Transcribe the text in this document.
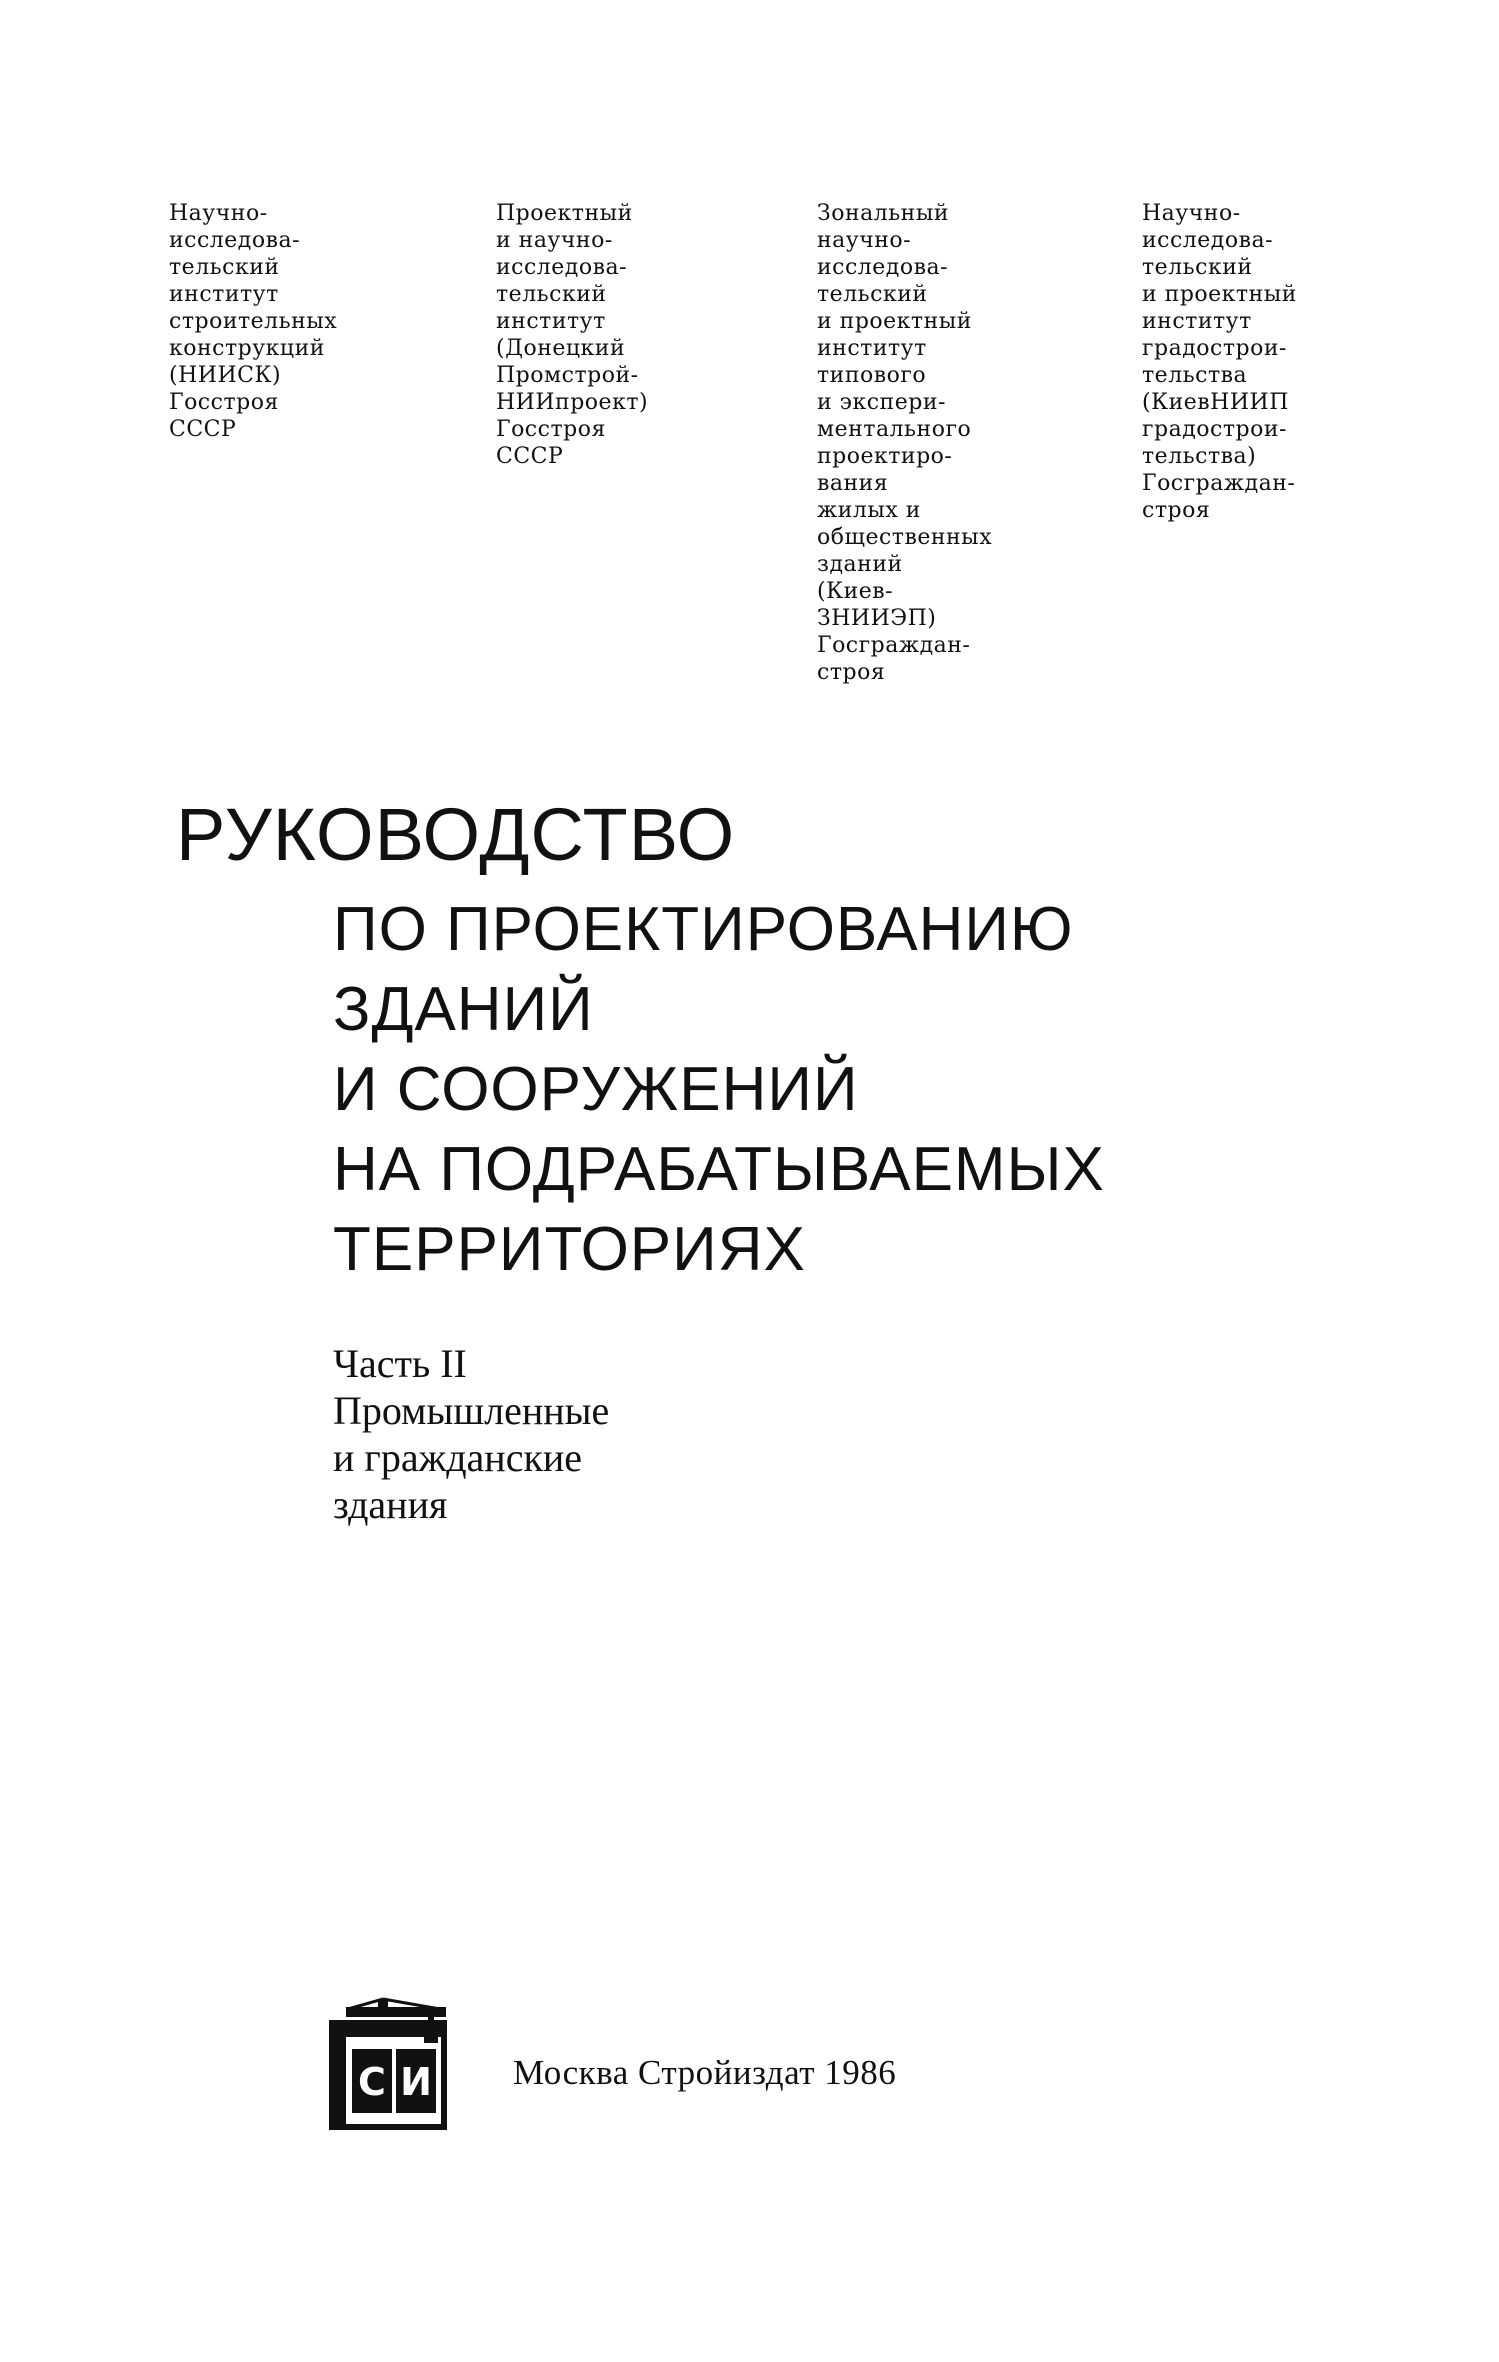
Научно-
исследова-
тельский
институт
строительных
конструкций
(НИИСК)
Госстроя
СССР
Проектный
и научно-
исследова-
тельский
институт
(Донецкий
Промстрой-
НИИпроект)
Госстроя
СССР
Зональный
научно-
исследова-
тельский
и проектный
институт
типового
и экспери-
ментального
проектиро-
вания
жилых и
общественных
зданий
(Киев-
ЗНИИЭП)
Госграждан-
строя
Научно-
исследова-
тельский
и проектный
институт
градострои-
тельства
(КиевНИИП
градострои-
тельства)
Госграждан-
строя
РУКОВОДСТВО
ПО ПРОЕКТИРОВАНИЮ
ЗДАНИЙ
И СООРУЖЕНИЙ
НА ПОДРАБАТЫВАЕМЫХ
ТЕРРИТОРИЯХ
Часть II
Промышленные
и гражданские
здания
С И Москва Стройиздат 1986
